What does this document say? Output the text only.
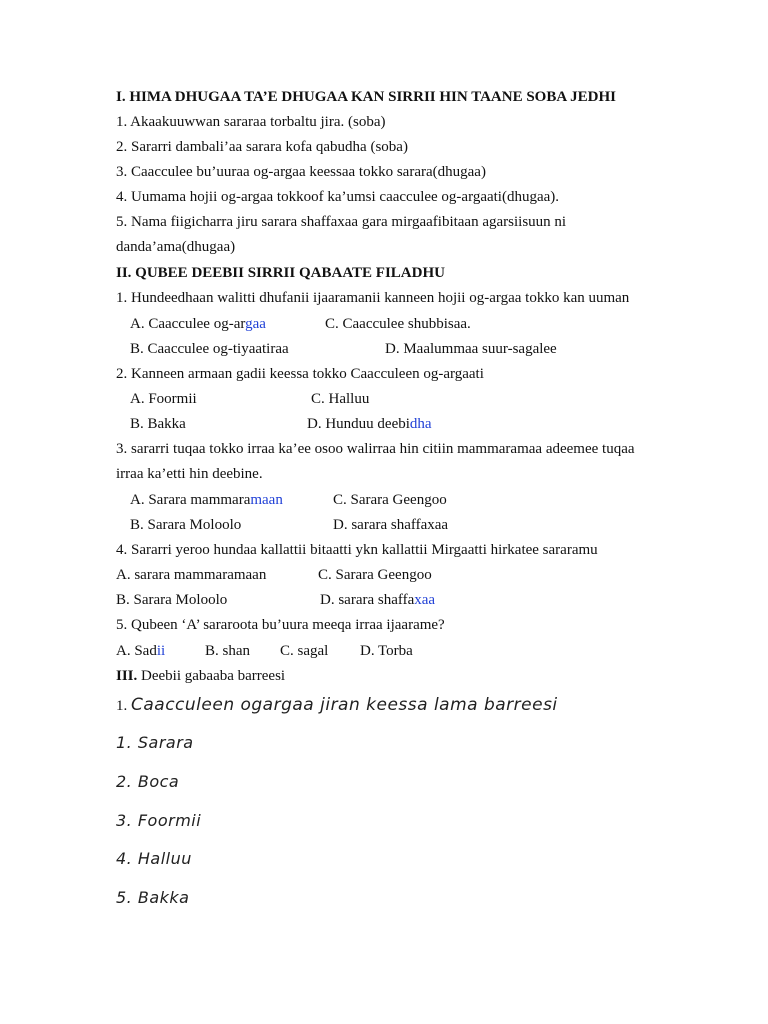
I. HIMA DHUGAA TA’E DHUGAA KAN SIRRII HIN TAANE SOBA JEDHI
1. Akaakuuwwan sararaa torbaltu jira. (soba)
2. Sararri dambali’aa sarara kofa qabudha (soba)
3. Caacculee bu’uuraa og-argaa keessaa tokko sarara(dhugaa)
4. Uumama hojii og-argaa tokkoof ka’umsi caacculee og-argaati(dhugaa).
5. Nama fiigicharra jiru sarara shaffaxaa gara mirgaafibitaan agarsiisuun ni
danda’ama(dhugaa)
II. QUBEE DEEBII SIRRII QABAATE FILADHU
1. Hundeedhaan walitti dhufanii ijaaramanii kanneen hojii og-argaa tokko kan uuman
A. Caacculee og-argaa	C. Caacculee shubbisaa.
B. Caacculee og-tiyaatiraa	D. Maalummaa suur-sagalee
2. Kanneen armaan gadii keessa tokko Caacculeen og-argaati
A. Foormii	C. Halluu
B. Bakka	D. Hunduu deebidha
3. sararri tuqaa tokko irraa ka’ee osoo walirraa hin citiin mammaramaa adeemee tuqaa
irraa ka’etti hin deebine.
A. Sarara mammaramaan	C. Sarara Geengoo
B. Sarara Moloolo	D. sarara shaffaxaa
4. Sararri yeroo hundaa kallattii bitaatti ykn kallattii Mirgaatti hirkatee sararamu
A. sarara mammaramaan	C. Sarara Geengoo
B. Sarara Moloolo	D. sarara shaffaxaa
5. Qubeen ‘A’ sararoota bu’uura meeqa irraa ijaarame?
A. Sadii	B. shan C. sagal D. Torba
III. Deebii gabaaba barreesi
1. Caacculeen ogargaa jiran keessa lama barreesi
1. Sarara
2. Boca
3. Foormii
4. Halluu
5. Bakka
